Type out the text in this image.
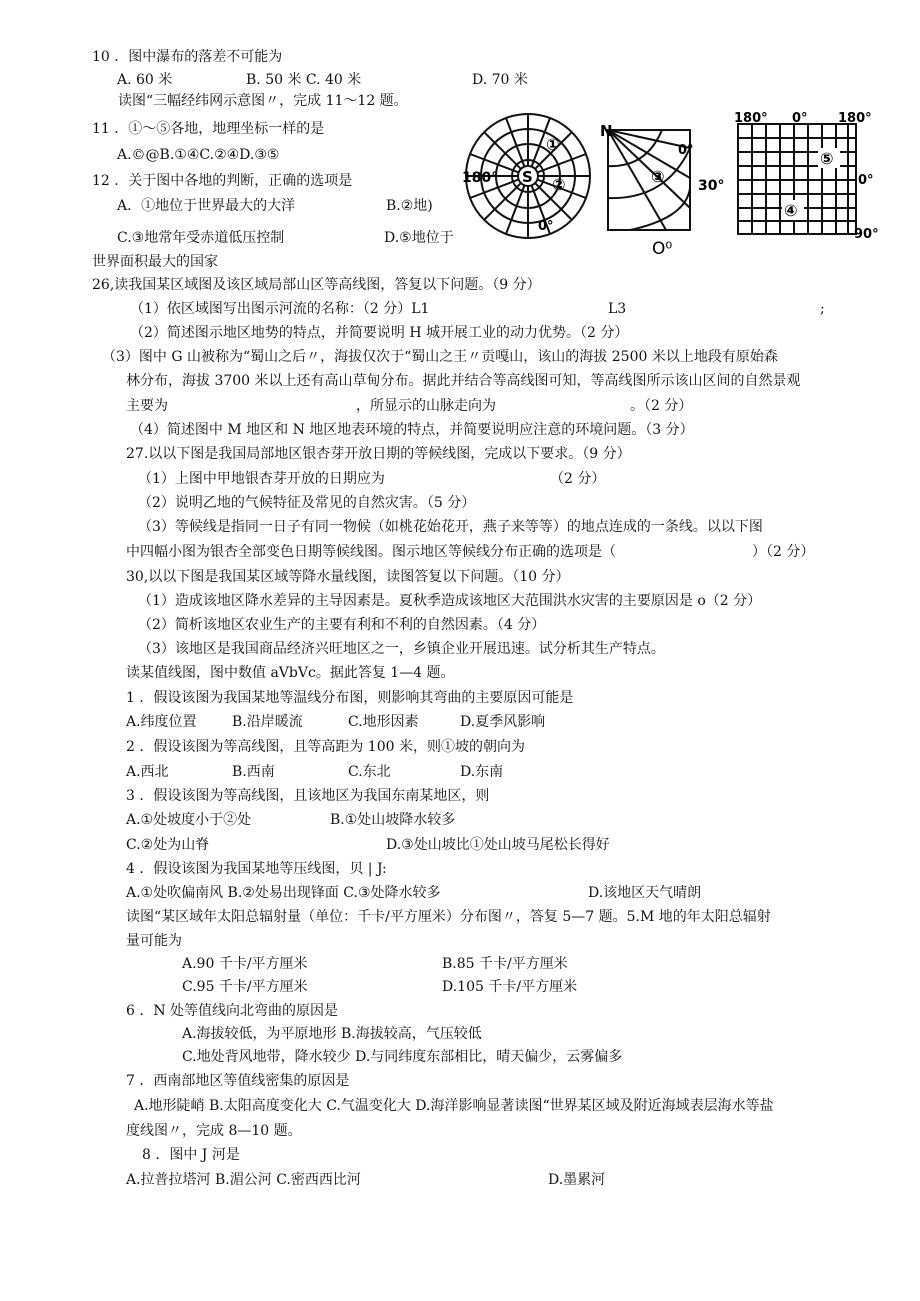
10 ．图中瀑布的落差不可能为
A. 60 米	B. 50 米 C. 40 米	D. 70 米
读图“三幅经纬网示意图〃，完成 11～12 题。
11 ．①～⑤各地，地理坐标一样的是
A.©@B.①④C.②④D.③⑤
12 ．关于图中各地的判断，正确的选项是
A．①地位于世界最大的大洋	B.②地)
C.③地常年受赤道低压控制	D.⑤地位于
世界面积最大的国家
180° S
①
②
0°
N
0°
③ 30°
O⁰
180° 0° 180°
0°
90°
⑤
④
26,读我国某区域图及该区域局部山区等高线图，答复以下问题。（9 分）
（1）依区域图写出图示河流的名称：（2 分）L1	L3	;
（2）简述图示地区地势的特点，并简要说明 H 城开展工业的动力优势。（2 分）
（3）图中 G 山被称为“蜀山之后〃，海拔仅次于“蜀山之王〃贡嘎山，该山的海拔 2500 米以上地段有原始森
林分布，海拔 3700 米以上还有高山草甸分布。据此并结合等高线图可知，等高线图所示该山区间的自然景观
主要为	，所显示的山脉走向为	。（2 分）
（4）简述图中 M 地区和 N 地区地表环境的特点，并简要说明应注意的环境问题。（3 分）
27.以以下图是我国局部地区银杏芽开放日期的等候线图，完成以下要求。（9 分）
（1）上图中甲地银杏芽开放的日期应为	（2 分）
（2）说明乙地的气候特征及常见的自然灾害。（5 分）
（3）等候线是指同一日子有同一物候（如桃花始花开，燕子来等等）的地点连成的一条线。以以下图
中四幅小图为银杏全部变色日期等候线图。图示地区等候线分布正确的选项是（	）（2 分）
30,以以下图是我国某区域等降水量线图，读图答复以下问题。（10 分）
（1）造成该地区降水差异的主导因素是。夏秋季造成该地区大范围洪水灾害的主要原因是 o（2 分）
（2）简析该地区农业生产的主要有利和不利的自然因素。（4 分）
（3）该地区是我国商品经济兴旺地区之一，乡镇企业开展迅速。试分析其生产特点。
读某值线图，图中数值 aVbVc。据此答复 1—4 题。
1 ．假设该图为我国某地等温线分布图，则影响其弯曲的主要原因可能是
A.纬度位置	B.沿岸暖流	C.地形因素	D.夏季风影响
2 ．假设该图为等高线图，且等高距为 100 米，则①坡的朝向为
A.西北	B.西南	C.东北	D.东南
3 ．假设该图为等高线图，且该地区为我国东南某地区，则
A.①处坡度小于②处	B.①处山坡降水较多
C.②处为山脊	D.③处山坡比①处山坡马尾松长得好
4 ．假设该图为我国某地等压线图，贝 | J:
A.①处吹偏南风 B.②处易出现锋面 C.③处降水较多	D.该地区天气晴朗
读图“某区域年太阳总辐射量（单位：千卡/平方厘米）分布图〃，答复 5—7 题。5.M 地的年太阳总辐射
量可能为
A.90 千卡/平方厘米	B.85 千卡/平方厘米
C.95 千卡/平方厘米	D.105 千卡/平方厘米
6 ．N 处等值线向北弯曲的原因是
A.海拔较低，为平原地形 B.海拔较高，气压较低
C.地处背风地带，降水较少 D.与同纬度东部相比，晴天偏少，云雾偏多
7 ．西南部地区等值线密集的原因是
A.地形陡峭 B.太阳高度变化大 C.气温变化大 D.海洋影响显著读图“世界某区域及附近海域表层海水等盐
度线图〃，完成 8—10 题。
8 ．图中 J 河是
A.拉普拉塔河 B.湄公河 C.密西西比河	D.墨累河
